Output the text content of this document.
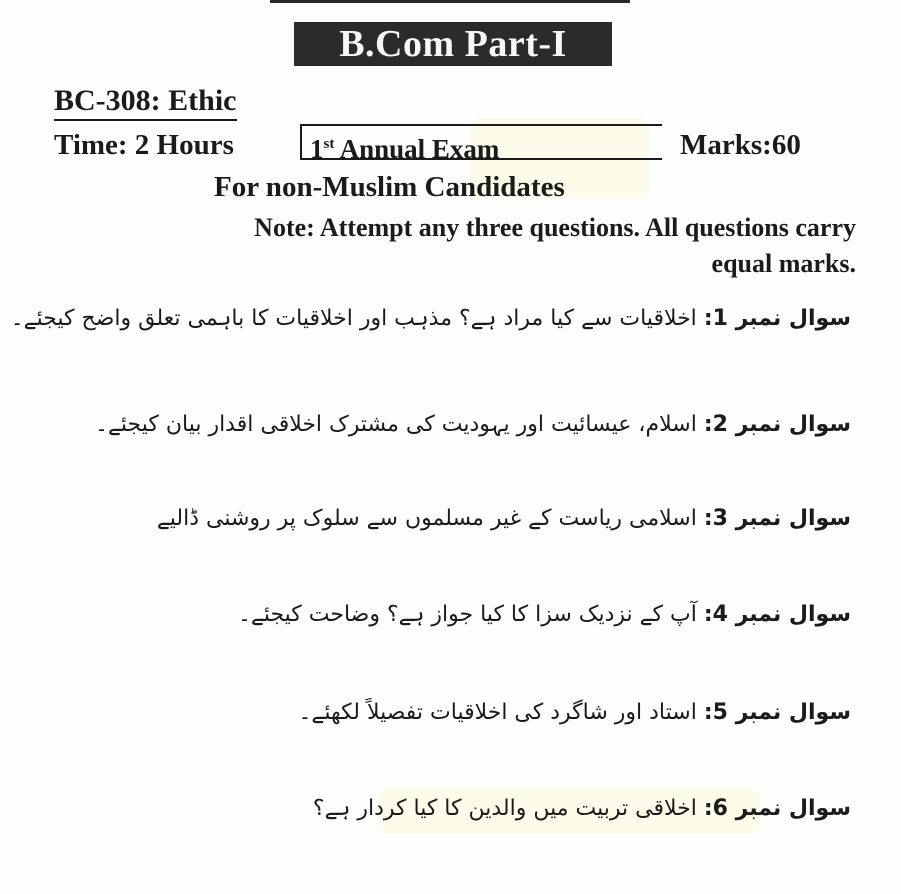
B.Com Part-I
BC-308: Ethic
Time: 2 Hours	1st Annual Exam	Marks:60
For non-Muslim Candidates
Note: Attempt any three questions. All questions carry
equal marks.
سوال نمبر 1: اخلاقیات سے کیا مراد ہے؟ مذہب اور اخلاقیات کا باہمی تعلق واضح کیجئے۔
سوال نمبر 2: اسلام، عیسائیت اور یہودیت کی مشترک اخلاقی اقدار بیان کیجئے۔
سوال نمبر 3: اسلامی ریاست کے غیر مسلموں سے سلوک پر روشنی ڈالیے
سوال نمبر 4: آپ کے نزدیک سزا کا کیا جواز ہے؟ وضاحت کیجئے۔
سوال نمبر 5: استاد اور شاگرد کی اخلاقیات تفصیلاً لکھئے۔
سوال نمبر 6: اخلاقی تربیت میں والدین کا کیا کردار ہے؟
